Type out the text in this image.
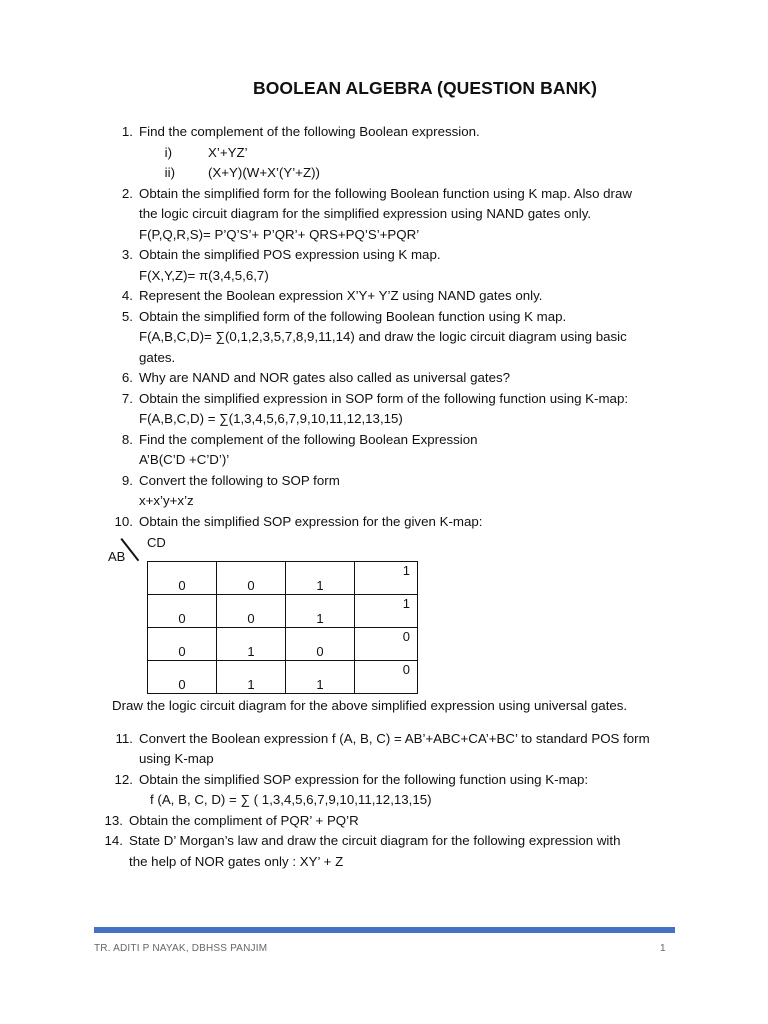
BOOLEAN ALGEBRA (QUESTION BANK)
1. Find the complement of the following Boolean expression.
i)	X’+YZ’
ii) (X+Y)(W+X’(Y’+Z))
2. Obtain the simplified form for the following Boolean function using K map. Also draw
the logic circuit diagram for the simplified expression using NAND gates only.
F(P,Q,R,S)= P’Q’S’+ P’QR’+ QRS+PQ’S’+PQR’
3. Obtain the simplified POS expression using K map.
F(X,Y,Z)= π(3,4,5,6,7)
4. Represent the Boolean expression X’Y+ Y’Z using NAND gates only.
5. Obtain the simplified form of the following Boolean function using K map.
F(A,B,C,D)= ∑(0,1,2,3,5,7,8,9,11,14) and draw the logic circuit diagram using basic
gates.
6. Why are NAND and NOR gates also called as universal gates?
7. Obtain the simplified expression in SOP form of the following function using K-map:
F(A,B,C,D) = ∑(1,3,4,5,6,7,9,10,11,12,13,15)
8. Find the complement of the following Boolean Expression
A’B(C’D +C’D’)’
9. Convert the following to SOP form
x+x’y+x’z
10. Obtain the simplified SOP expression for the given K-map:
CD
AB
0	0	1	1
0	0	1	1
0	1	0	0
0	1	1	0
Draw the logic circuit diagram for the above simplified expression using universal gates.
11. Convert the Boolean expression f (A, B, C) = AB’+ABC+CA’+BC’ to standard POS form
using K-map
12. Obtain the simplified SOP expression for the following function using K-map:
f (A, B, C, D) = ∑ ( 1,3,4,5,6,7,9,10,11,12,13,15)
13. Obtain the compliment of PQR’ + PQ’R
14. State D’ Morgan’s law and draw the circuit diagram for the following expression with
the help of NOR gates only : XY’ + Z
TR. ADITI P NAYAK, DBHSS PANJIM	1
